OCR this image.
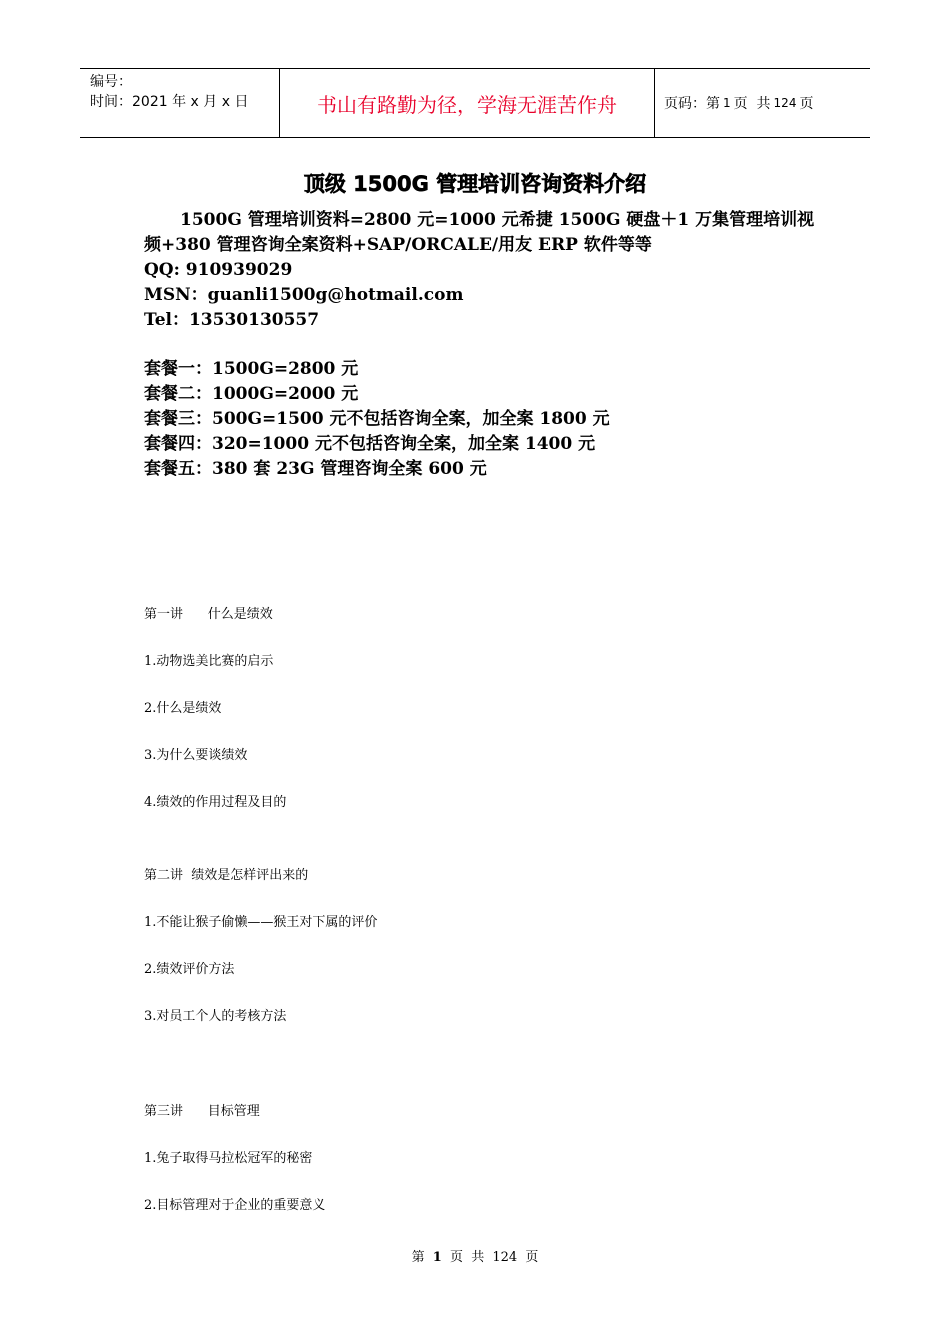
编号：
时间：2021 年 x 月 x 日	书山有路勤为径，学海无涯苦作舟	页码：第 1 页  共 124 页
顶级 1500G 管理培训咨询资料介绍
1500G 管理培训资料=2800 元=1000 元希捷 1500G 硬盘＋1 万集管理培训视频+380 管理咨询全案资料+SAP/ORCALE/用友 ERP 软件等等
QQ: 910939029
MSN：guanli1500g@hotmail.com
Tel：13530130557
套餐一：1500G=2800 元
套餐二：1000G=2000 元
套餐三：500G=1500 元不包括咨询全案，加全案 1800 元
套餐四：320=1000 元不包括咨询全案，加全案 1400 元
套餐五：380 套 23G 管理咨询全案 600 元
第一讲      什么是绩效
1.动物选美比赛的启示
2.什么是绩效
3.为什么要谈绩效
4.绩效的作用过程及目的
第二讲  绩效是怎样评出来的
1.不能让猴子偷懒——猴王对下属的评价
2.绩效评价方法
3.对员工个人的考核方法
第三讲      目标管理
1.兔子取得马拉松冠军的秘密
2.目标管理对于企业的重要意义
第 1 页  共 124 页
